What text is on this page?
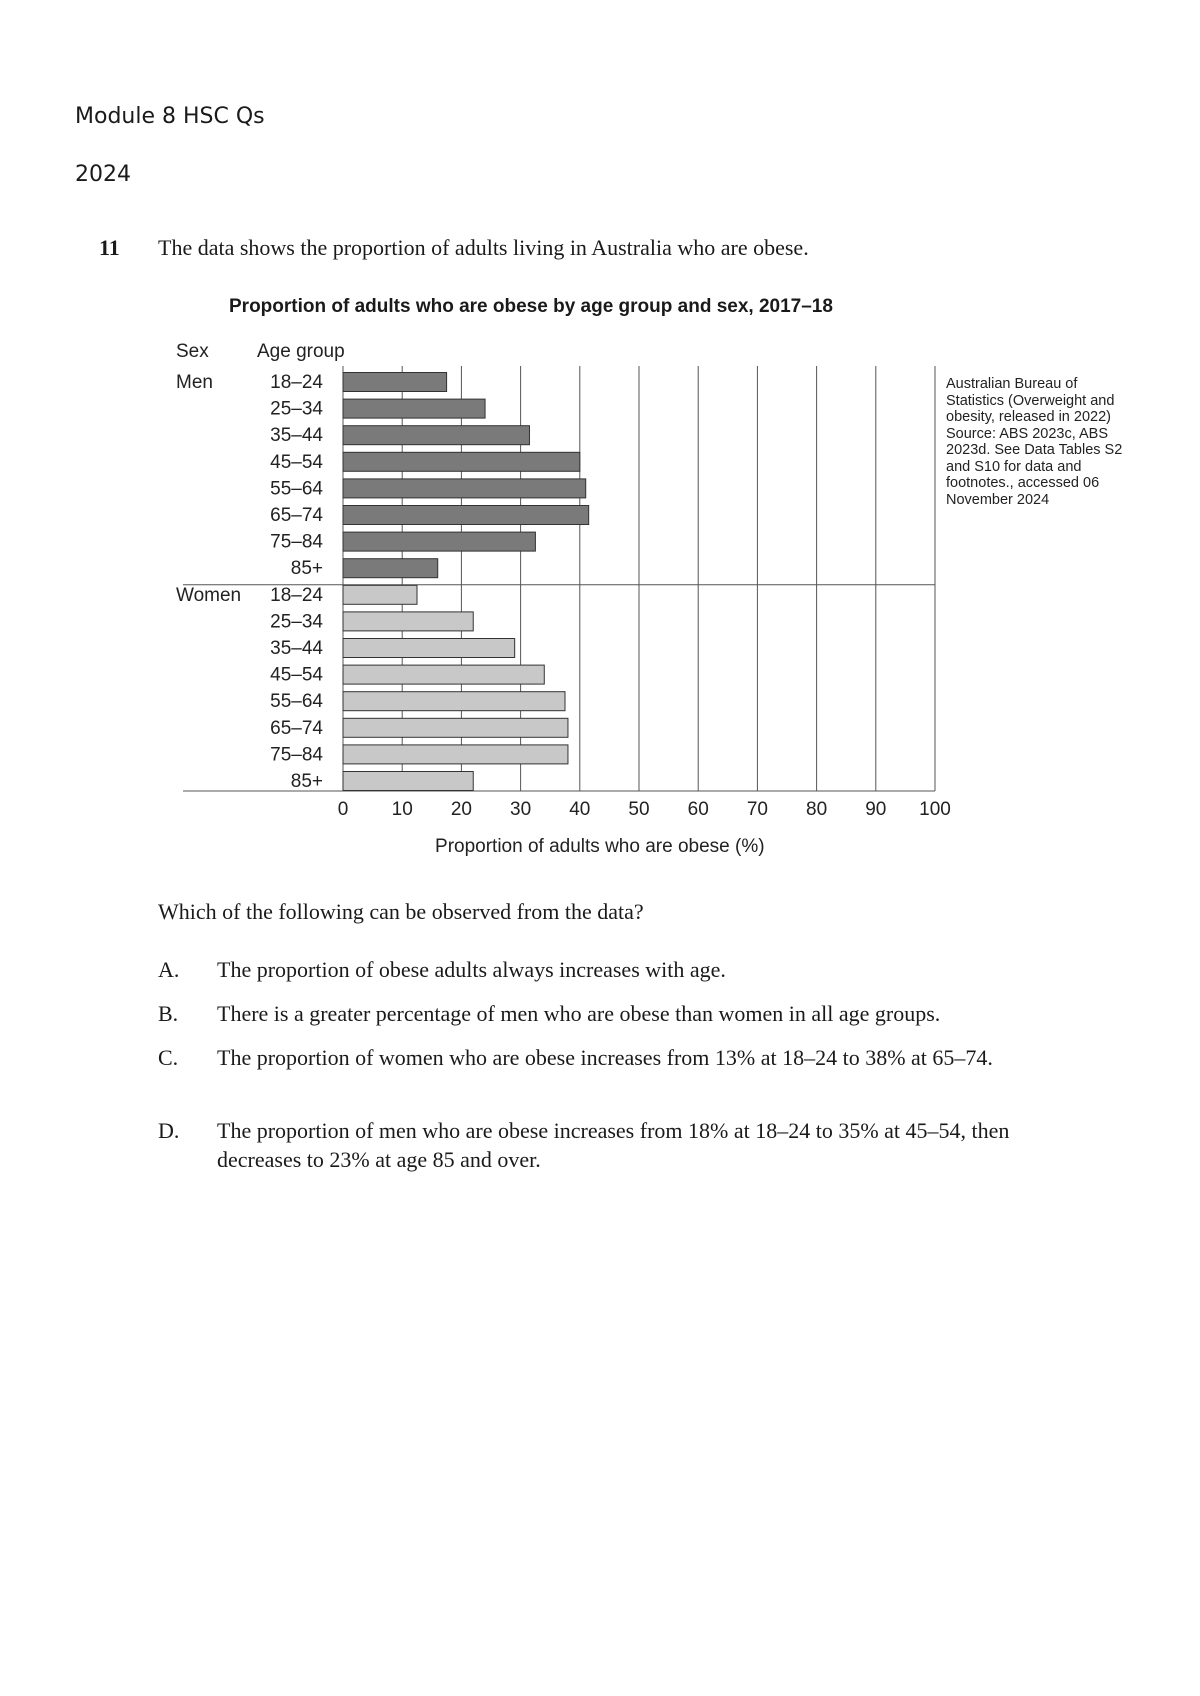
Module 8 HSC Qs
2024
11 The data shows the proportion of adults living in Australia who are obese.
Proportion of adults who are obese by age group and sex, 2017–18
Sex	Age group
Men	18–24
25–34
35–44
45–54
55–64
65–74
75–84
85+
Women 18–24
25–34
35–44
45–54
55–64
65–74
75–84
85+
0 10 20 30 40 50 60 70 80 90 100
Proportion of adults who are obese (%)
Australian Bureau of Statistics (Overweight and obesity, released in 2022) Source: ABS 2023c, ABS 2023d. See Data Tables S2 and S10 for data and footnotes., accessed 06 November 2024
Which of the following can be observed from the data?
A. The proportion of obese adults always increases with age.
B. There is a greater percentage of men who are obese than women in all age groups.
C. The proportion of women who are obese increases from 13% at 18–24 to 38% at 65–74.
D. The proportion of men who are obese increases from 18% at 18–24 to 35% at 45–54, then decreases to 23% at age 85 and over.
